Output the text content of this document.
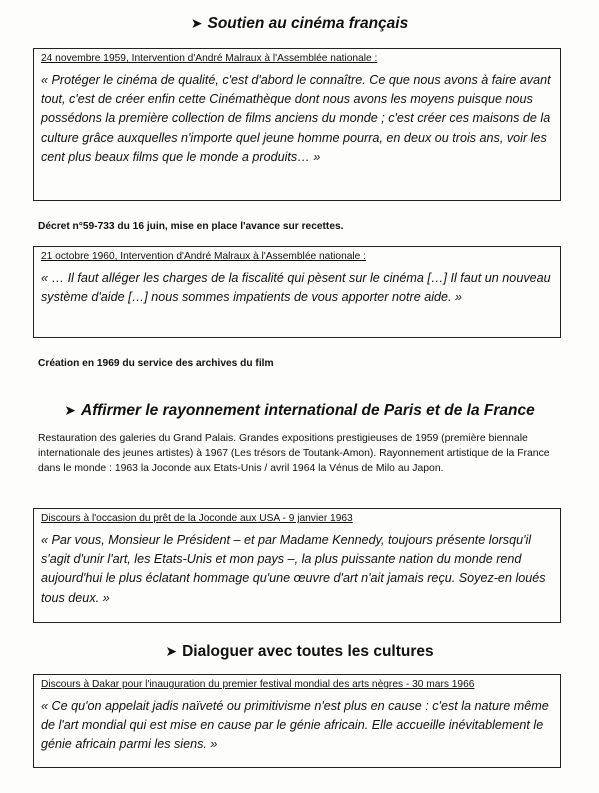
➤ Soutien au cinéma français

24 novembre 1959, Intervention d'André Malraux à l'Assemblée nationale :

« Protéger le cinéma de qualité, c'est d'abord le connaître. Ce que nous avons à faire avant tout, c'est de créer enfin cette Cinémathèque dont nous avons les moyens puisque nous possédons la première collection de films anciens du monde ; c'est créer ces maisons de la culture grâce auxquelles n'importe quel jeune homme pourra, en deux ou trois ans, voir les cent plus beaux films que le monde a produits… »

Décret n°59-733 du 16 juin, mise en place l'avance sur recettes.

21 octobre 1960, Intervention d'André Malraux à l'Assemblée nationale :

« … Il faut alléger les charges de la fiscalité qui pèsent sur le cinéma […] Il faut un nouveau système d'aide […] nous sommes impatients de vous apporter notre aide. »

Création en 1969 du service des archives du film
➤ Affirmer le rayonnement international de Paris et de la France
Restauration des galeries du Grand Palais. Grandes expositions prestigieuses de 1959 (première biennale internationale des jeunes artistes) à 1967 (Les trésors de Toutank-Amon). Rayonnement artistique de la France dans le monde : 1963 la Joconde aux Etats-Unis / avril 1964 la Vénus de Milo au Japon.

Discours à l'occasion du prêt de la Joconde aux USA - 9 janvier 1963

« Par vous, Monsieur le Président – et par Madame Kennedy, toujours présente lorsqu'il s'agit d'unir l'art, les Etats-Unis et mon pays –, la plus puissante nation du monde rend aujourd'hui le plus éclatant hommage qu'une œuvre d'art n'ait jamais reçu. Soyez-en loués tous deux. »

➤ Dialoguer avec toutes les cultures

Discours à Dakar pour l'inauguration du premier festival mondial des arts nègres - 30 mars 1966

« Ce qu'on appelait jadis naïveté ou primitivisme n'est plus en cause : c'est la nature même de l'art mondial qui est mise en cause par le génie africain. Elle accueille inévitablement le génie africain parmi les siens. »
